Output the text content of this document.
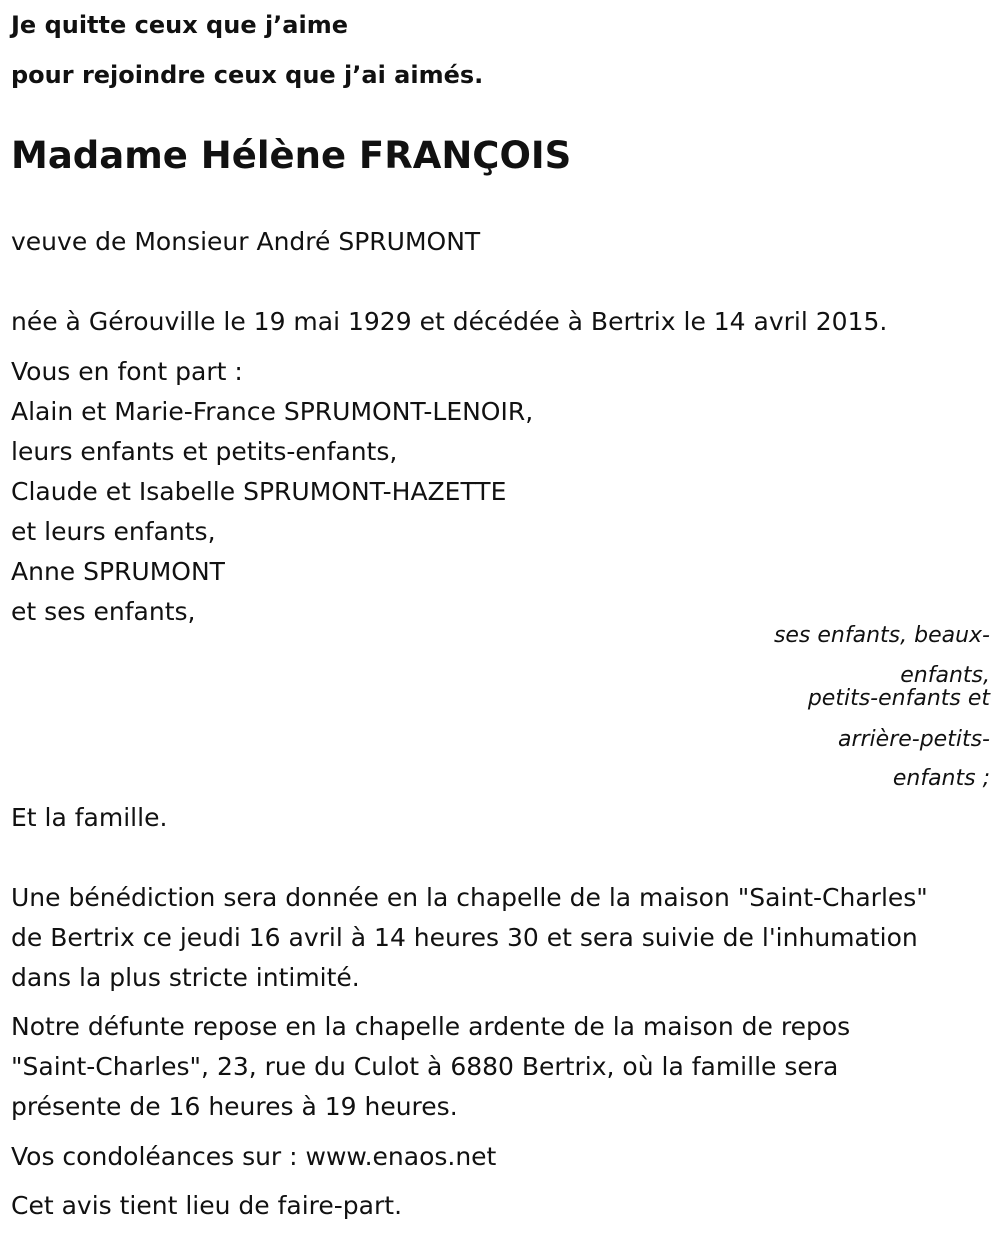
Je quitte ceux que j’aime

pour rejoindre ceux que j’ai aimés.

Madame Hélène FRANÇOIS

veuve de Monsieur André SPRUMONT

née à Gérouville le 19 mai 1929 et décédée à Bertrix le 14 avril 2015.

Vous en font part :

Alain et Marie-France SPRUMONT-LENOIR,

leurs enfants et petits-enfants,

Claude et Isabelle SPRUMONT-HAZETTE

et leurs enfants,

Anne SPRUMONT

et ses enfants,

ses enfants, beaux-
enfants,
petits-enfants et
arrière-petits-
enfants ;

Et la famille.

Une bénédiction sera donnée en la chapelle de la maison "Saint-Charles"

de Bertrix ce jeudi 16 avril à 14 heures 30 et sera suivie de l'inhumation

dans la plus stricte intimité.

Notre défunte repose en la chapelle ardente de la maison de repos

"Saint-Charles", 23, rue du Culot à 6880 Bertrix, où la famille sera

présente de 16 heures à 19 heures.

Vos condoléances sur : www.enaos.net

Cet avis tient lieu de faire-part.
